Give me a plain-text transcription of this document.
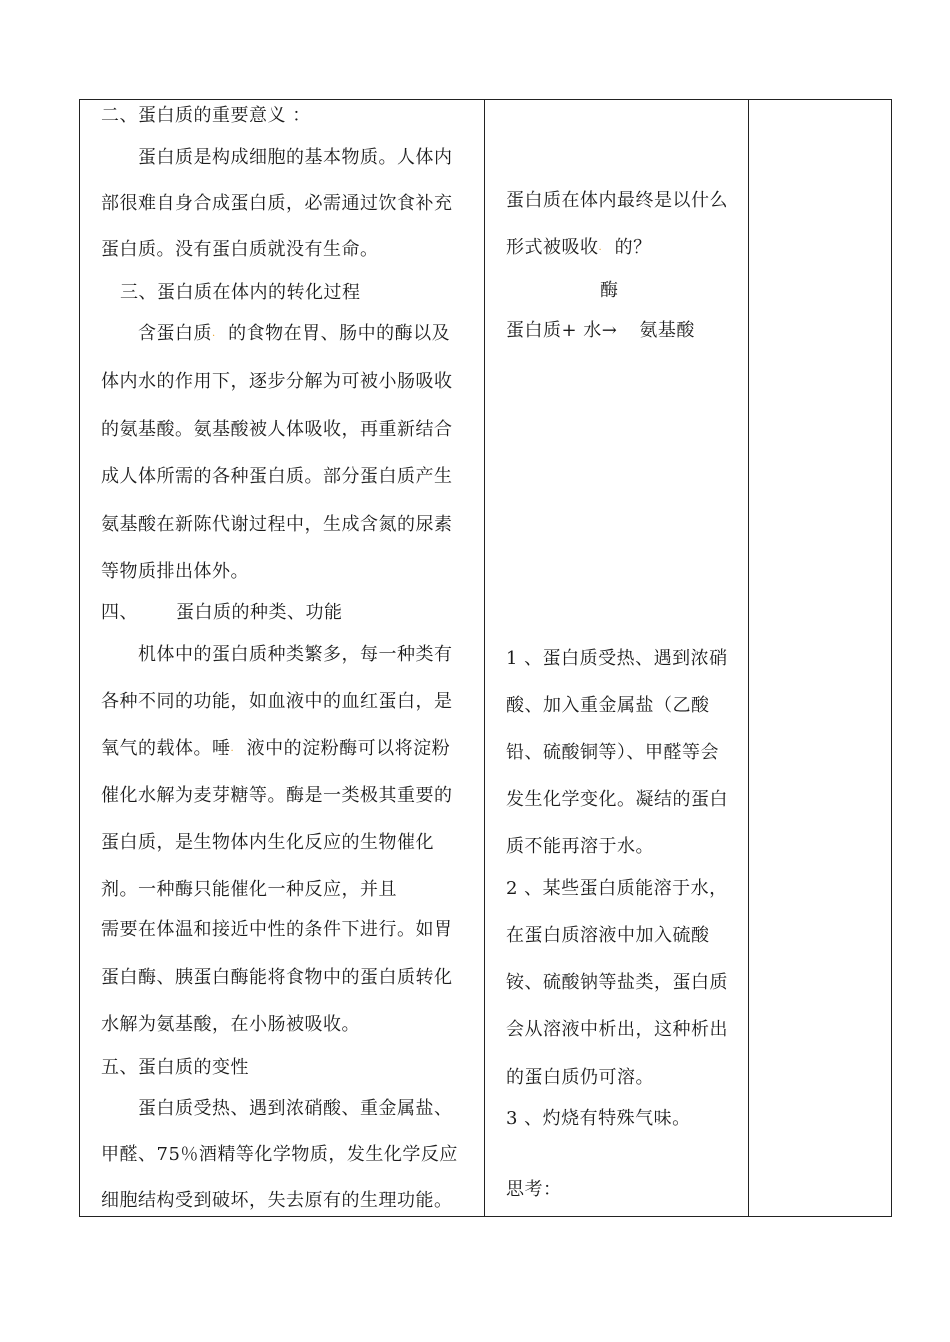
二、蛋白质的重要意义 ：
蛋白质是构成细胞的基本物质。人体内
部很难自身合成蛋白质，必需通过饮食补充
蛋白质。没有蛋白质就没有生命。
三、蛋白质在体内的转化过程
含蛋白质. 的食物在胃、肠中的酶以及
体内水的作用下，逐步分解为可被小肠吸收
的氨基酸。氨基酸被人体吸收，再重新结合
成人体所需的各种蛋白质。部分蛋白质产生
氨基酸在新陈代谢过程中，生成含氮的尿素
等物质排出体外。
四、 蛋白质的种类、功能
机体中的蛋白质种类繁多，每一种类有
各种不同的功能，如血液中的血红蛋白，是
氧气的载体。唾. 液中的淀粉酶可以将淀粉
催化水解为麦芽糖等。酶是一类极其重要的
蛋白质，是生物体内生化反应的生物催化
剂。一种酶只能催化一种反应，并且
需要在体温和接近中性的条件下进行。如胃
蛋白酶、胰蛋白酶能将食物中的蛋白质转化
水解为氨基酸，在小肠被吸收。
五、蛋白质的变性
蛋白质受热、遇到浓硝酸、重金属盐、
甲醛、75％酒精等化学物质，发生化学反应
细胞结构受到破坏，失去原有的生理功能。
蛋白质在体内最终是以什么
形式被吸收. 的？
酶
蛋白质+ 水→ 氨基酸
1 、蛋白质受热、遇到浓硝
酸、加入重金属盐（乙酸
铅、硫酸铜等）、甲醛等会
发生化学变化。凝结的蛋白
质不能再溶于水。
2 、某些蛋白质能溶于水，
在蛋白质溶液中加入硫酸
铵、硫酸钠等盐类，蛋白质
会从溶液中析出，这种析出
的蛋白质仍可溶。
3 、灼烧有特殊气味。
思考：
